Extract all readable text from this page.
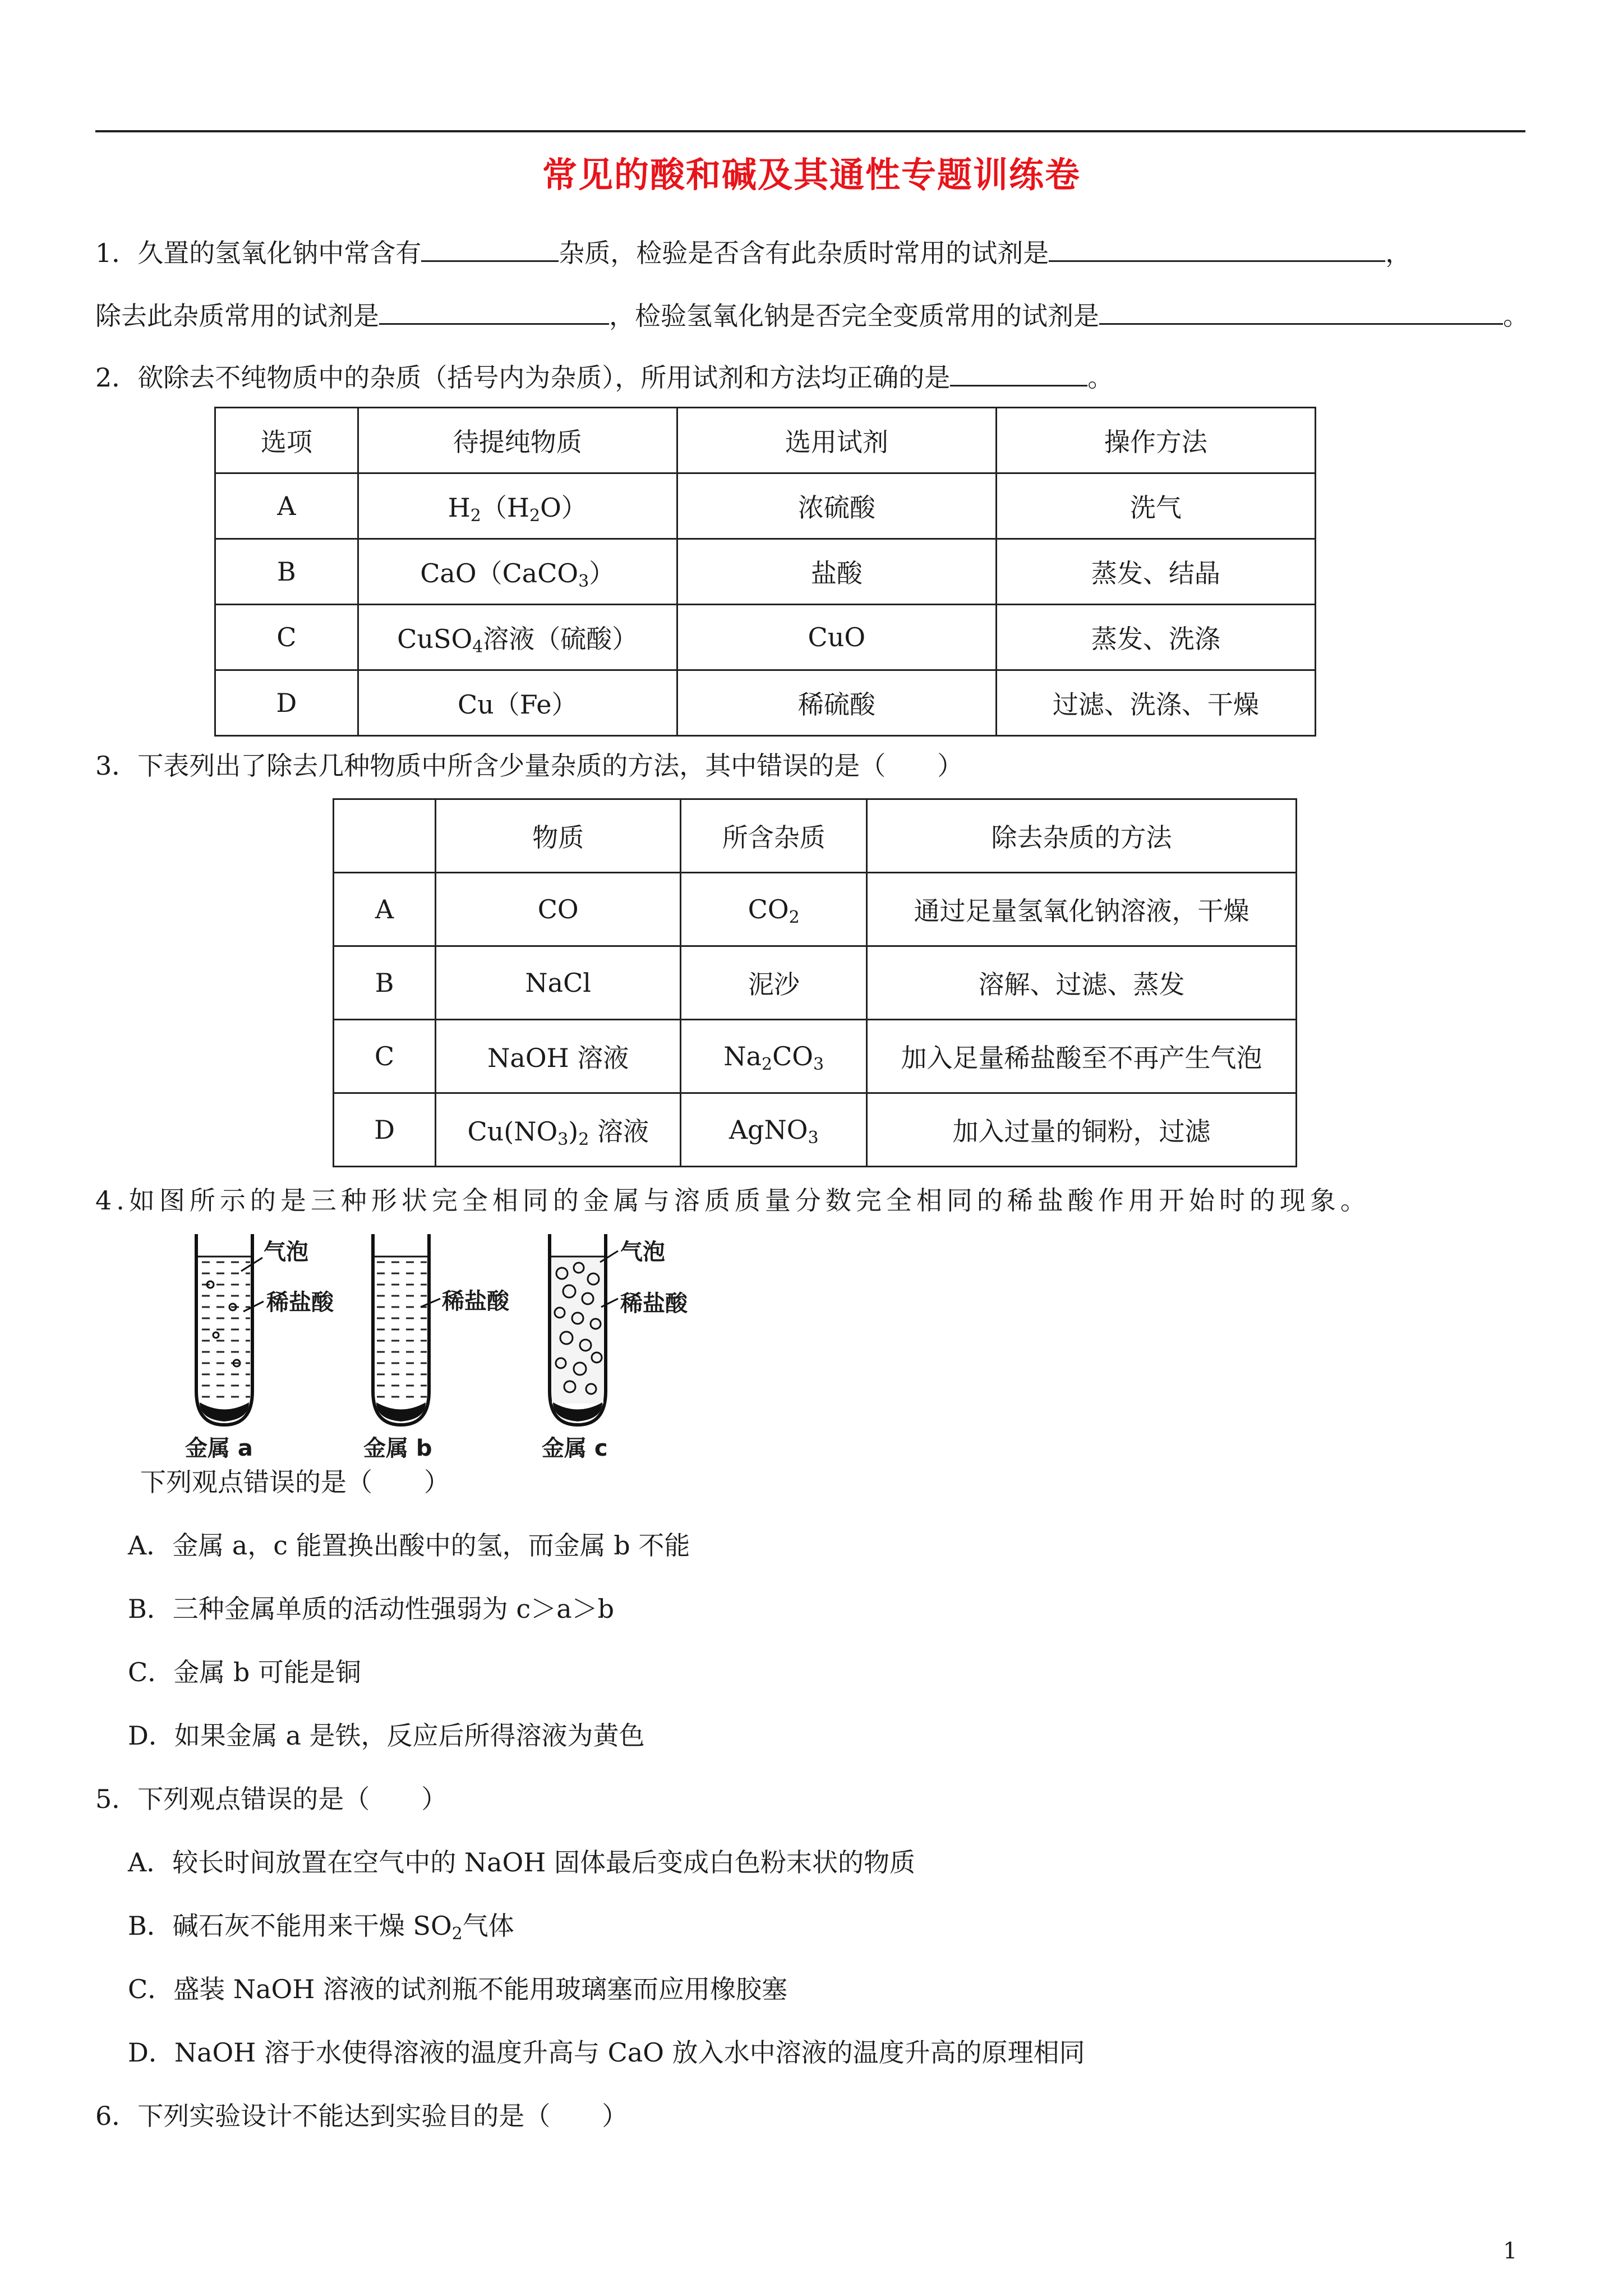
常见的酸和碱及其通性专题训练卷
1．久置的氢氧化钠中常含有	杂质，检验是否含有此杂质时常用的试剂是	，
除去此杂质常用的试剂是	，检验氢氧化钠是否完全变质常用的试剂是	。
2．欲除去不纯物质中的杂质（括号内为杂质），所用试剂和方法均正确的是	。
选项	待提纯物质	选用试剂	操作方法
A	$H_2(H_2O)$	浓硫酸	洗气
B	CaO（CaCO$_3$）	盐酸	蒸发、结晶
C	CuSO$_4$溶液（硫酸）	CuO	蒸发、洗涤
D	Cu（Fe）	稀硫酸	过滤、洗涤、干燥
3．下表列出了除去几种物质中所含少量杂质的方法，其中错误的是（　　）
	物质	所含杂质	除去杂质的方法
A	CO	$CO_2$	通过足量氢氧化钠溶液，干燥
B	NaCl	泥沙	溶解、过滤、蒸发
C	NaOH 溶液	$Na_2CO_3$	加入足量稀盐酸至不再产生气泡
D	$Cu(NO_3)_2$ 溶液	AgNO$_3$	加入过量的铜粉，过滤
4.如图所示的是三种形状完全相同的金属与溶质质量分数完全相同的稀盐酸作用开始时的现象。
气泡
稀盐酸
金属 a
稀盐酸
金属 b
气泡
稀盐酸
金属 c
下列观点错误的是（　　）
A．金属 a，c 能置换出酸中的氢，而金属 b 不能
B．三种金属单质的活动性强弱为 c＞a＞b
C．金属 b 可能是铜
D．如果金属 a 是铁，反应后所得溶液为黄色
5．下列观点错误的是（　　）
A．较长时间放置在空气中的 NaOH 固体最后变成白色粉末状的物质
B．碱石灰不能用来干燥 $SO_2$气体
C．盛装 NaOH 溶液的试剂瓶不能用玻璃塞而应用橡胶塞
D．NaOH 溶于水使得溶液的温度升高与 CaO 放入水中溶液的温度升高的原理相同
6．下列实验设计不能达到实验目的是（　　）
1
